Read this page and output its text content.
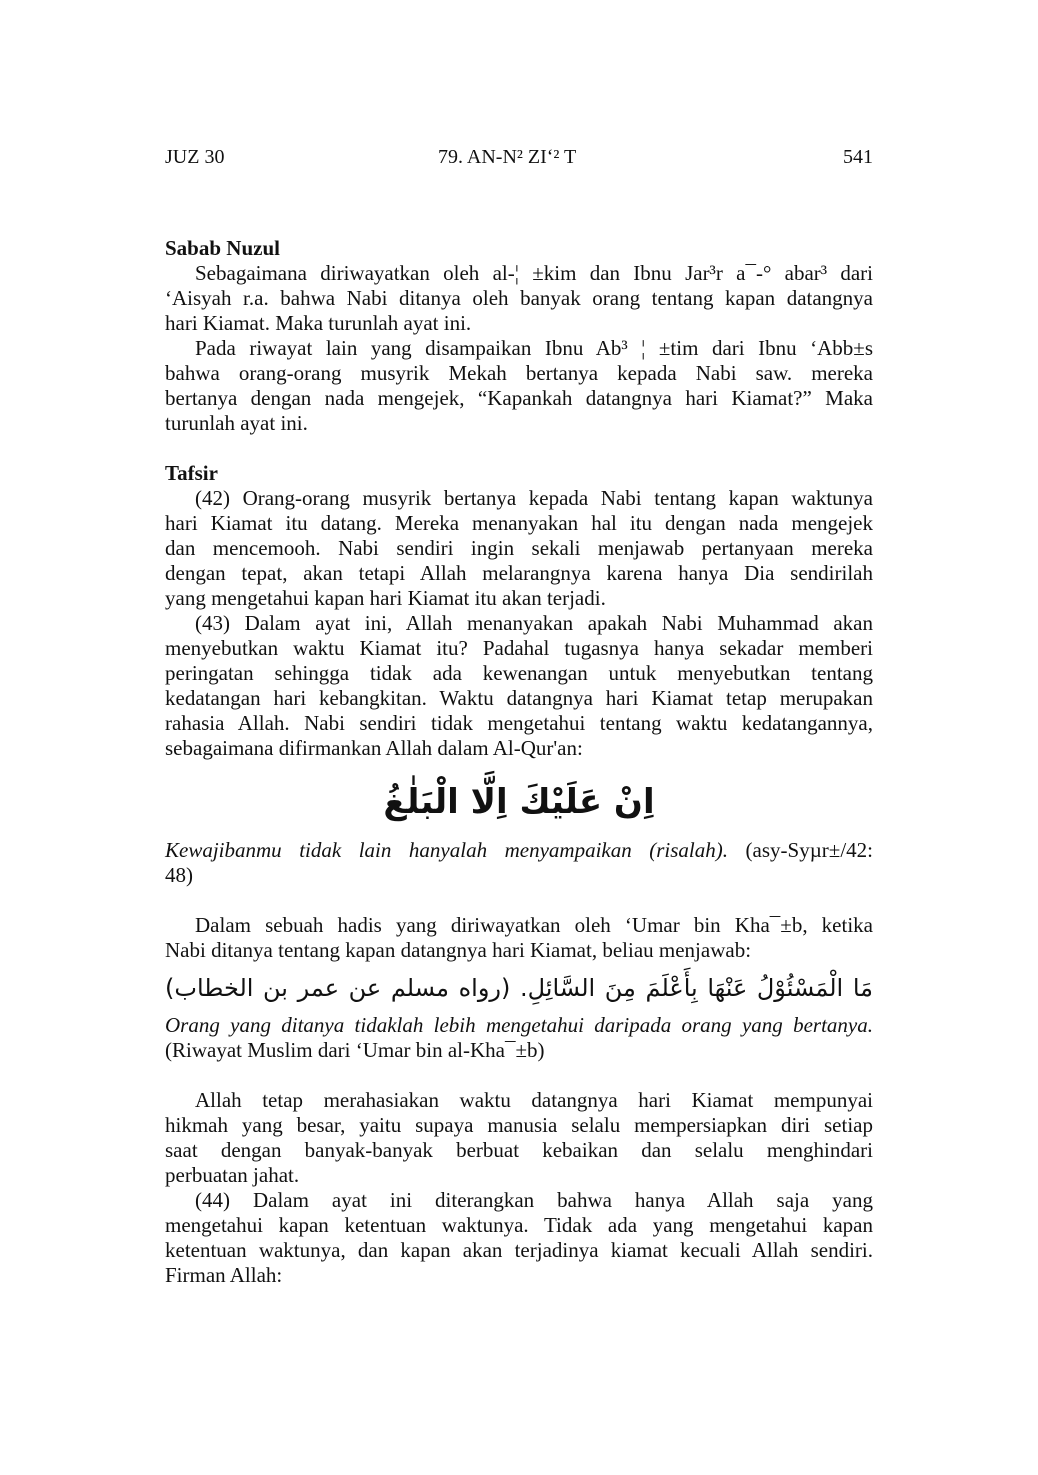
JUZ 30	79. AN-N² ZI‘² T	541
Sabab Nuzul
Sebagaimana diriwayatkan oleh al-¦ ±kim dan Ibnu Jar³r a¯-° abar³ dari
‘Aisyah r.a. bahwa Nabi ditanya oleh banyak orang tentang kapan datangnya
hari Kiamat. Maka turunlah ayat ini.
Pada riwayat lain yang disampaikan Ibnu Ab³ ¦ ±tim dari Ibnu ‘Abb±s
bahwa orang-orang musyrik Mekah bertanya kepada Nabi saw. mereka
bertanya dengan nada mengejek, “Kapankah datangnya hari Kiamat?” Maka
turunlah ayat ini.
Tafsir
(42) Orang-orang musyrik bertanya kepada Nabi tentang kapan waktunya
hari Kiamat itu datang. Mereka menanyakan hal itu dengan nada mengejek
dan mencemooh. Nabi sendiri ingin sekali menjawab pertanyaan mereka
dengan tepat, akan tetapi Allah melarangnya karena hanya Dia sendirilah
yang mengetahui kapan hari Kiamat itu akan terjadi.
(43) Dalam ayat ini, Allah menanyakan apakah Nabi Muhammad akan
menyebutkan waktu Kiamat itu? Padahal tugasnya hanya sekadar memberi
peringatan sehingga tidak ada kewenangan untuk menyebutkan tentang
kedatangan hari kebangkitan. Waktu datangnya hari Kiamat tetap merupakan
rahasia Allah. Nabi sendiri tidak mengetahui tentang waktu kedatangannya,
sebagaimana difirmankan Allah dalam Al-Qur'an:
اِنْ عَلَيْكَ اِلَّا الْبَلٰغُ
Kewajibanmu tidak lain hanyalah menyampaikan (risalah). (asy-Syµr±/42:
48)
Dalam sebuah hadis yang diriwayatkan oleh ‘Umar bin Kha¯±b, ketika
Nabi ditanya tentang kapan datangnya hari Kiamat, beliau menjawab:
مَا الْمَسْئُوْلُ عَنْهَا بِأَعْلَمَ مِنَ السَّائِلِ. (رواه مسلم عن عمر بن الخطاب)
Orang yang ditanya tidaklah lebih mengetahui daripada orang yang bertanya.
(Riwayat Muslim dari ‘Umar bin al-Kha¯±b)
Allah tetap merahasiakan waktu datangnya hari Kiamat mempunyai
hikmah yang besar, yaitu supaya manusia selalu mempersiapkan diri setiap
saat dengan banyak-banyak berbuat kebaikan dan selalu menghindari
perbuatan jahat.
(44) Dalam ayat ini diterangkan bahwa hanya Allah saja yang
mengetahui kapan ketentuan waktunya. Tidak ada yang mengetahui kapan
ketentuan waktunya, dan kapan akan terjadinya kiamat kecuali Allah sendiri.
Firman Allah:
